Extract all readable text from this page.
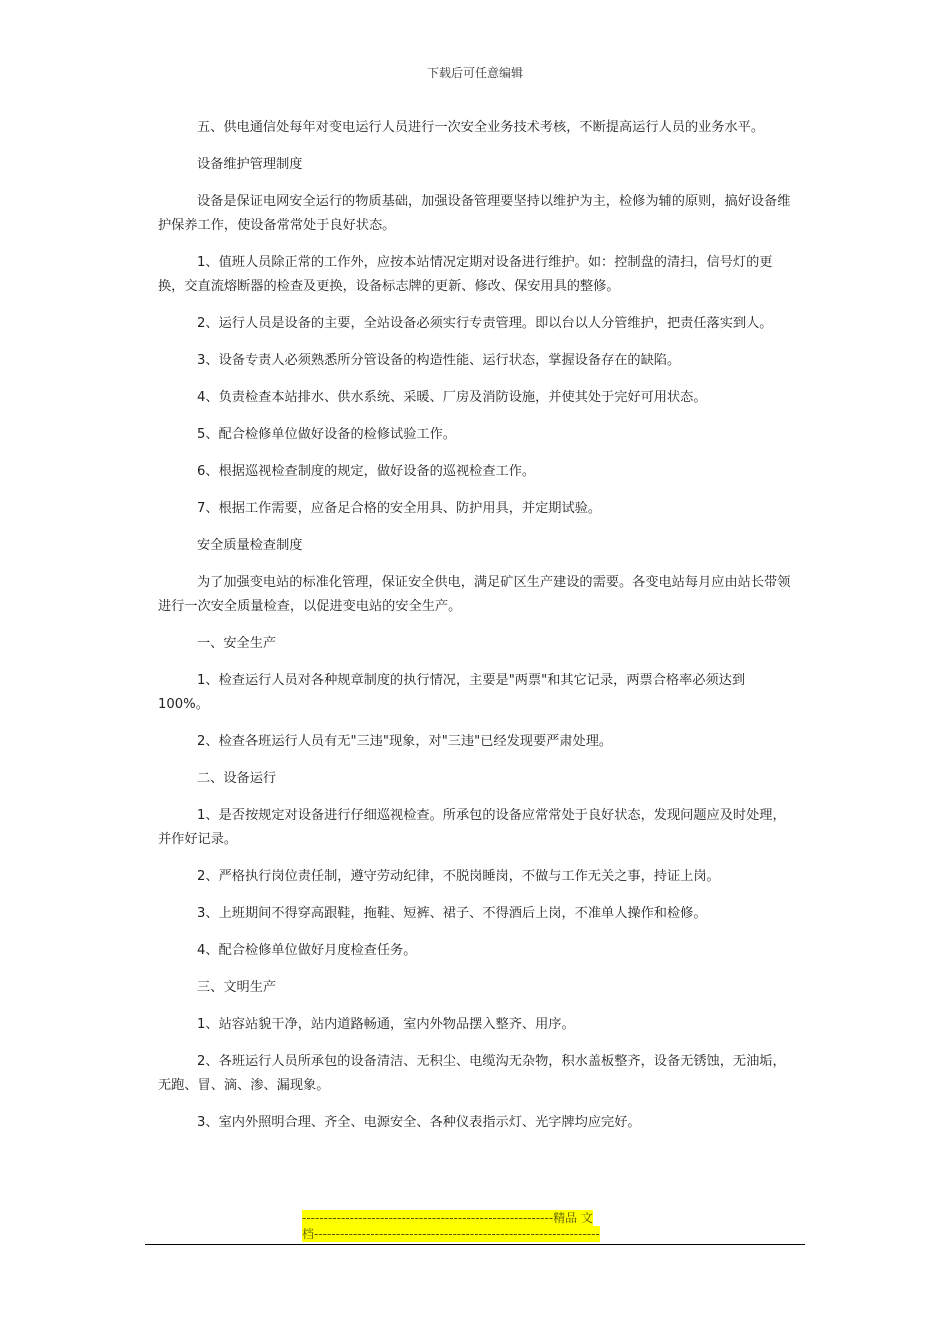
下载后可任意编辑

五、供电通信处每年对变电运行人员进行一次安全业务技术考核，不断提高运行人员的业务水平。

设备维护管理制度

设备是保证电网安全运行的物质基础，加强设备管理要坚持以维护为主，检修为辅的原则，搞好设备维护保养工作，使设备常常处于良好状态。

1、值班人员除正常的工作外，应按本站情况定期对设备进行维护。如：控制盘的清扫，信号灯的更换，交直流熔断器的检查及更换，设备标志牌的更新、修改、保安用具的整修。

2、运行人员是设备的主要，全站设备必须实行专责管理。即以台以人分管维护，把责任落实到人。

3、设备专责人必须熟悉所分管设备的构造性能、运行状态，掌握设备存在的缺陷。

4、负责检查本站排水、供水系统、采暖、厂房及消防设施，并使其处于完好可用状态。

5、配合检修单位做好设备的检修试验工作。

6、根据巡视检查制度的规定，做好设备的巡视检查工作。

7、根据工作需要，应备足合格的安全用具、防护用具，并定期试验。

安全质量检查制度

为了加强变电站的标准化管理，保证安全供电，满足矿区生产建设的需要。各变电站每月应由站长带领进行一次安全质量检查，以促进变电站的安全生产。

一、安全生产

1、检查运行人员对各种规章制度的执行情况，主要是"两票"和其它记录，两票合格率必须达到100%。

2、检查各班运行人员有无"三违"现象，对"三违"已经发现要严肃处理。

二、设备运行

1、是否按规定对设备进行仔细巡视检查。所承包的设备应常常处于良好状态，发现问题应及时处理，并作好记录。

2、严格执行岗位责任制，遵守劳动纪律，不脱岗睡岗，不做与工作无关之事，持证上岗。

3、上班期间不得穿高跟鞋，拖鞋、短裤、裙子、不得酒后上岗，不准单人操作和检修。

4、配合检修单位做好月度检查任务。

三、文明生产

1、站容站貌干净，站内道路畅通，室内外物品摆入整齐、用序。

2、各班运行人员所承包的设备清洁、无积尘、电缆沟无杂物，积水盖板整齐，设备无锈蚀，无油垢，无跑、冒、滴、渗、漏现象。

3、室内外照明合理、齐全、电源安全、各种仪表指示灯、光字牌均应完好。

----------------------------------------------------------精品 文
档------------------------------------------------------------------
